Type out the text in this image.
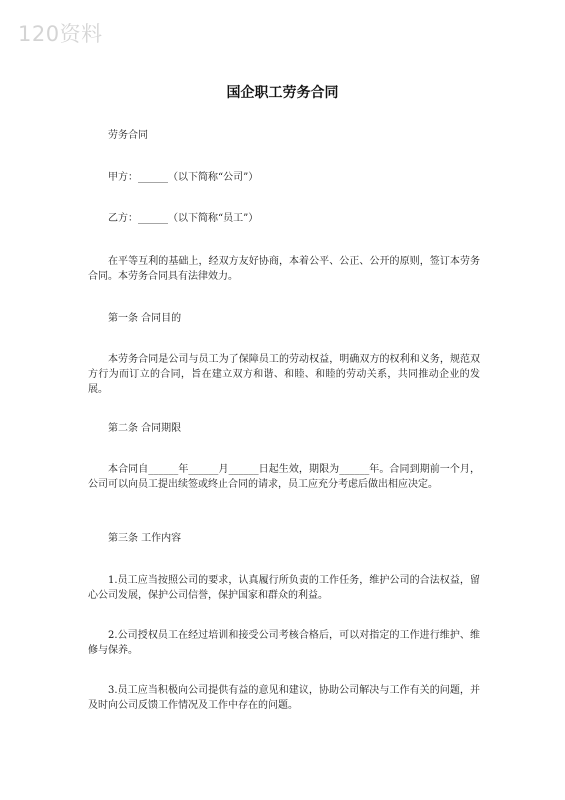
120资料
国企职工劳务合同
劳务合同
甲方：______（以下简称“公司”）
乙方：______（以下简称“员工”）
在平等互利的基础上，经双方友好协商，本着公平、公正、公开的原则，签订本劳务合同。本劳务合同具有法律效力。
第一条 合同目的
本劳务合同是公司与员工为了保障员工的劳动权益，明确双方的权利和义务，规范双方行为而订立的合同，旨在建立双方和谐、和睦、和睦的劳动关系，共同推动企业的发展。
第二条 合同期限
本合同自______年______月______日起生效，期限为______年。合同到期前一个月，公司可以向员工提出续签或终止合同的请求，员工应充分考虑后做出相应决定。
第三条 工作内容
1.员工应当按照公司的要求，认真履行所负责的工作任务，维护公司的合法权益，留心公司发展，保护公司信誉，保护国家和群众的利益。
2.公司授权员工在经过培训和接受公司考核合格后，可以对指定的工作进行维护、维修与保养。
3.员工应当积极向公司提供有益的意见和建议，协助公司解决与工作有关的问题，并及时向公司反馈工作情况及工作中存在的问题。
